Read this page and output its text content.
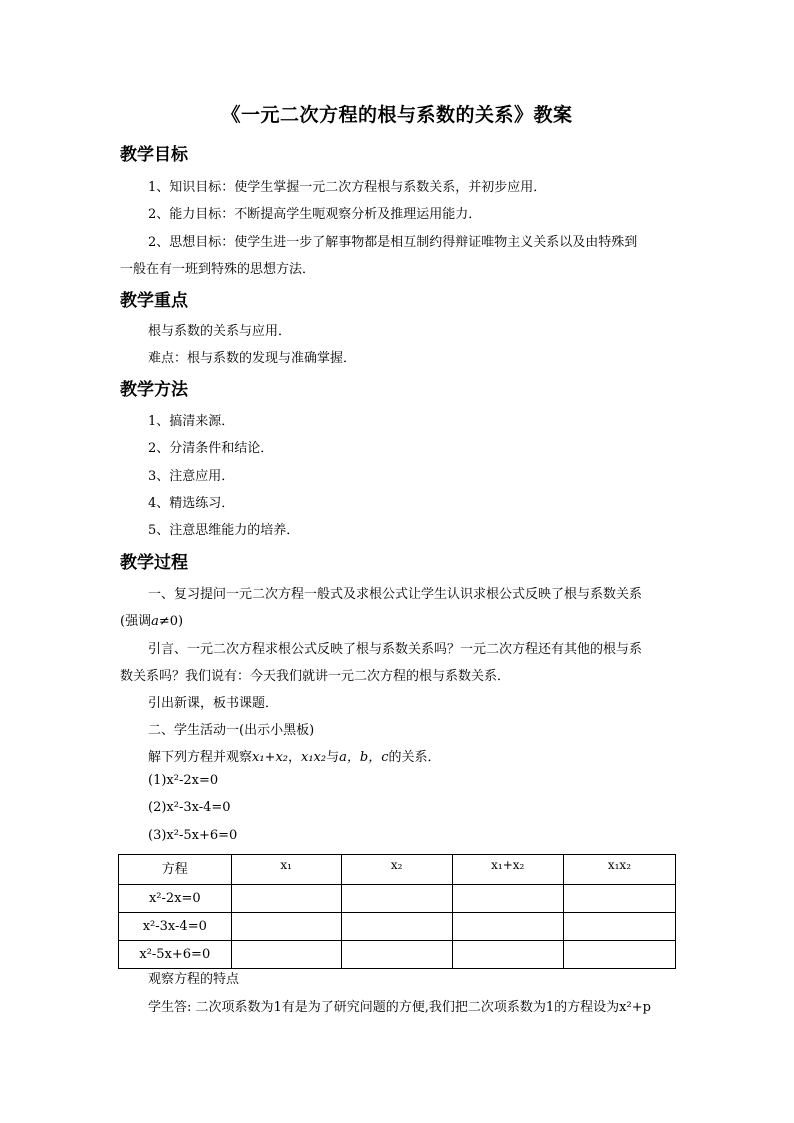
《一元二次方程的根与系数的关系》教案
教学目标
1、知识目标：使学生掌握一元二次方程根与系数关系，并初步应用．
2、能力目标：不断提高学生呃观察分析及推理运用能力．
2、思想目标：使学生进一步了解事物都是相互制约得辩证唯物主义关系以及由特殊到
一般在有一班到特殊的思想方法．
教学重点
根与系数的关系与应用．
难点：根与系数的发现与准确掌握．
教学方法
1、搞清来源．
2、分清条件和结论．
3、注意应用．
4、精选练习．
5、注意思维能力的培养．
教学过程
一、复习提问一元二次方程一般式及求根公式让学生认识求根公式反映了根与系数关系
(强调a≠0)
引言、一元二次方程求根公式反映了根与系数关系吗？一元二次方程还有其他的根与系
数关系吗？我们说有：今天我们就讲一元二次方程的根与系数关系．
引出新课，板书课题．
二、学生活动一(出示小黑板)
解下列方程并观察x₁+x₂，x₁x₂与a，b，c的关系．
(1)x²-2x=0
(2)x²-3x-4=0
(3)x²-5x+6=0
方程	x₁	x₂	x₁+x₂	x₁x₂
x²-2x=0				
x²-3x-4=0				
x²-5x+6=0				
观察方程的特点
学生答: 二次项系数为1有是为了研究问题的方便,我们把二次项系数为1的方程设为x²+p
